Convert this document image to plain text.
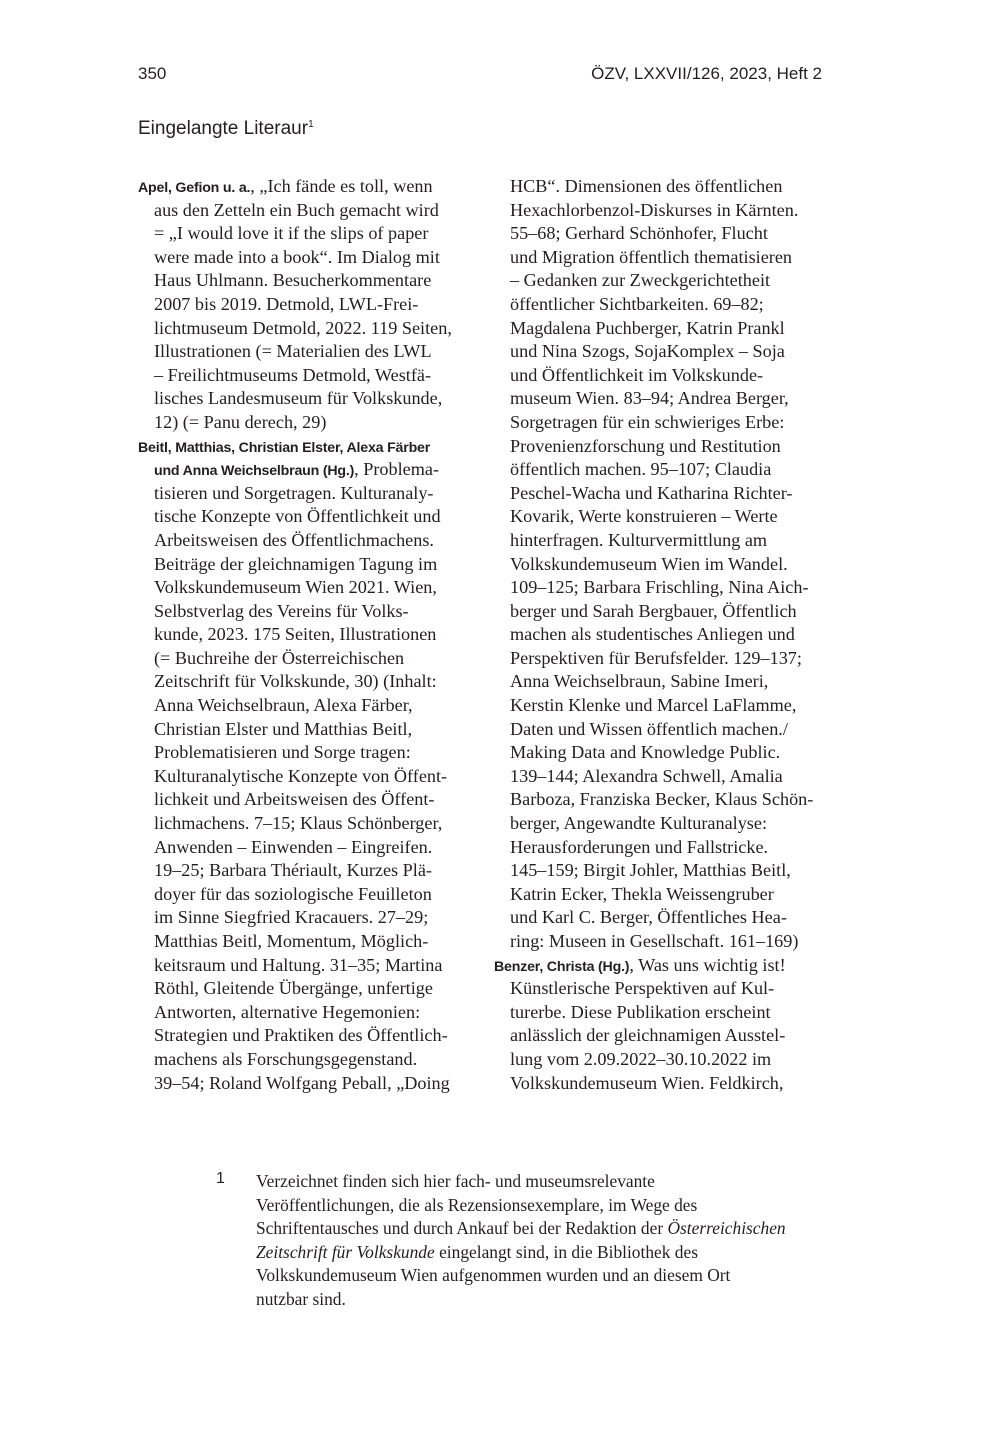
350	ÖZV, LXXVII/126, 2023, Heft 2
Eingelangte Literaur$^1$
Apel, Gefion u. a., „Ich fände es toll, wenn
aus den Zetteln ein Buch gemacht wird
= „I would love it if the slips of paper
were made into a book“. Im Dialog mit
Haus Uhlmann. Besucherkommentare
2007 bis 2019. Detmold, LWL-Frei-
lichtmuseum Detmold, 2022. 119 Seiten,
Illustrationen (= Materialien des LWL
– Freilichtmuseums Detmold, Westfä-
lisches Landesmuseum für Volkskunde,
12) (= Panu derech, 29)
Beitl, Matthias, Christian Elster, Alexa Färber
und Anna Weichselbraun (Hg.), Problema-
tisieren und Sorgetragen. Kulturanaly-
tische Konzepte von Öffentlichkeit und
Arbeitsweisen des Öffentlichmachens.
Beiträge der gleichnamigen Tagung im
Volkskundemuseum Wien 2021. Wien,
Selbstverlag des Vereins für Volks-
kunde, 2023. 175 Seiten, Illustrationen
(= Buchreihe der Österreichischen
Zeitschrift für Volkskunde, 30) (Inhalt:
Anna Weichselbraun, Alexa Färber,
Christian Elster und Matthias Beitl,
Problematisieren und Sorge tragen:
Kulturanalytische Konzepte von Öffent-
lichkeit und Arbeitsweisen des Öffent-
lichmachens. 7–15; Klaus Schönberger,
Anwenden – Einwenden – Eingreifen.
19–25; Barbara Thériault, Kurzes Plä-
doyer für das soziologische Feuilleton
im Sinne Siegfried Kracauers. 27–29;
Matthias Beitl, Momentum, Möglich-
keitsraum und Haltung. 31–35; Martina
Röthl, Gleitende Übergänge, unfertige
Antworten, alternative Hegemonien:
Strategien und Praktiken des Öffentlich-
machens als Forschungsgegenstand.
39–54; Roland Wolfgang Peball, „Doing
HCB“. Dimensionen des öffentlichen
Hexachlorbenzol-Diskurses in Kärnten.
55–68; Gerhard Schönhofer, Flucht
und Migration öffentlich thematisieren
– Gedanken zur Zweckgerichtetheit
öffentlicher Sichtbarkeiten. 69–82;
Magdalena Puchberger, Katrin Prankl
und Nina Szogs, SojaKomplex – Soja
und Öffentlichkeit im Volkskunde-
museum Wien. 83–94; Andrea Berger,
Sorgetragen für ein schwieriges Erbe:
Provenienzforschung und Restitution
öffentlich machen. 95–107; Claudia
Peschel-Wacha und Katharina Richter-
Kovarik, Werte konstruieren – Werte
hinterfragen. Kulturvermittlung am
Volkskundemuseum Wien im Wandel.
109–125; Barbara Frischling, Nina Aich-
berger und Sarah Bergbauer, Öffentlich
machen als studentisches Anliegen und
Perspektiven für Berufsfelder. 129–137;
Anna Weichselbraun, Sabine Imeri,
Kerstin Klenke und Marcel LaFlamme,
Daten und Wissen öffentlich machen./
Making Data and Knowledge Public.
139–144; Alexandra Schwell, Amalia
Barboza, Franziska Becker, Klaus Schön-
berger, Angewandte Kulturanalyse:
Herausforderungen und Fallstricke.
145–159; Birgit Johler, Matthias Beitl,
Katrin Ecker, Thekla Weissengruber
und Karl C. Berger, Öffentliches Hea-
ring: Museen in Gesellschaft. 161–169)
Benzer, Christa (Hg.), Was uns wichtig ist!
Künstlerische Perspektiven auf Kul-
turerbe. Diese Publikation erscheint
anlässlich der gleichnamigen Ausstel-
lung vom 2.09.2022–30.10.2022 im
Volkskundemuseum Wien. Feldkirch,
1 Verzeichnet finden sich hier fach- und museumsrelevante
Veröffentlichungen, die als Rezensionsexemplare, im Wege des
Schriftentausches und durch Ankauf bei der Redaktion der Österreichischen
Zeitschrift für Volkskunde eingelangt sind, in die Bibliothek des
Volkskundemuseum Wien aufgenommen wurden und an diesem Ort
nutzbar sind.
